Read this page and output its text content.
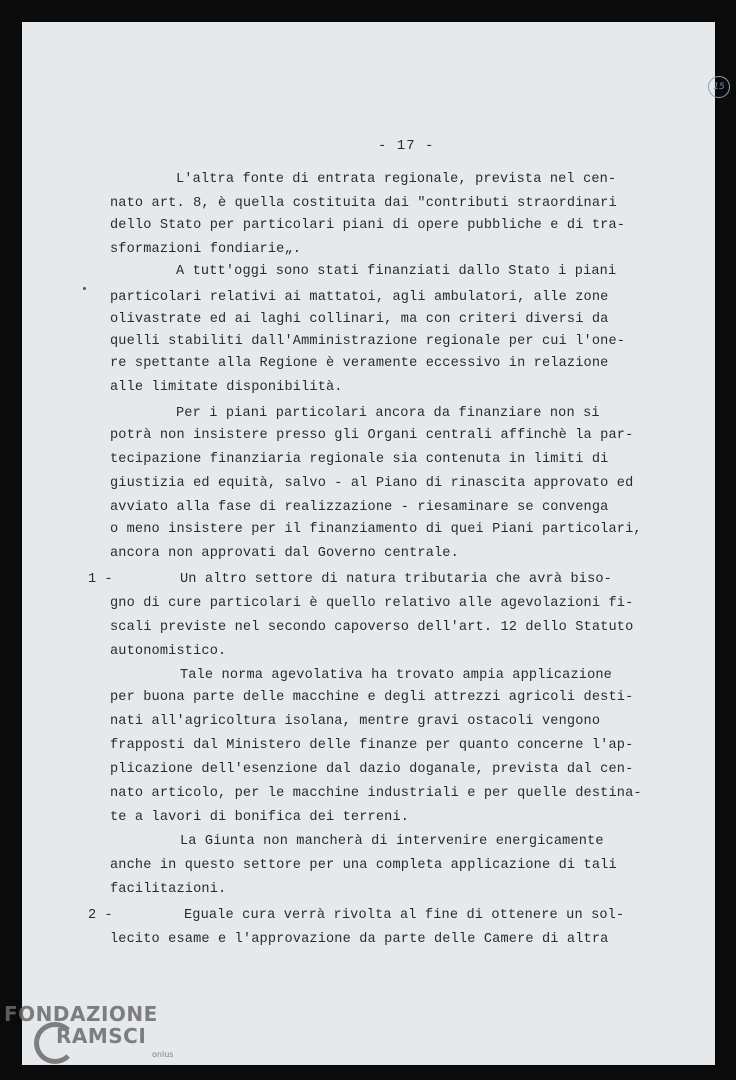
15
- 17 -
L'altra fonte di entrata regionale, prevista nel cen-
nato art. 8, è quella costituita dai "contributi straordinari
dello Stato per particolari piani di opere pubbliche e di tra-
sformazioni fondiarie„.
A tutt'oggi sono stati finanziati dallo Stato i piani
particolari relativi ai mattatoi, agli ambulatori, alle zone
olivastrate ed ai laghi collinari, ma con criteri diversi da
quelli stabiliti dall'Amministrazione regionale per cui l'one-
re spettante alla Regione è veramente eccessivo in relazione
alle limitate disponibilità.
Per i piani particolari ancora da finanziare non si
potrà non insistere presso gli Organi centrali affinchè la par-
tecipazione finanziaria regionale sia contenuta in limiti di
giustizia ed equità, salvo - al Piano di rinascita approvato ed
avviato alla fase di realizzazione - riesaminare se convenga
o meno insistere per il finanziamento di quei Piani particolari,
ancora non approvati dal Governo centrale.
1 -	Un altro settore di natura tributaria che avrà biso-
gno di cure particolari è quello relativo alle agevolazioni fi-
scali previste nel secondo capoverso dell'art. 12 dello Statuto
autonomistico.
Tale norma agevolativa ha trovato ampia applicazione
per buona parte delle macchine e degli attrezzi agricoli desti-
nati all'agricoltura isolana, mentre gravi ostacoli vengono
frapposti dal Ministero delle finanze per quanto concerne l'ap-
plicazione dell'esenzione dal dazio doganale, prevista dal cen-
nato articolo, per le macchine industriali e per quelle destina-
te a lavori di bonifica dei terreni.
La Giunta non mancherà di intervenire energicamente
anche in questo settore per una completa applicazione di tali
facilitazioni.
2 -	Eguale cura verrà rivolta al fine di ottenere un sol-
lecito esame e l'approvazione da parte delle Camere di altra
FONDAZIONE
RAMSCI
onlus
